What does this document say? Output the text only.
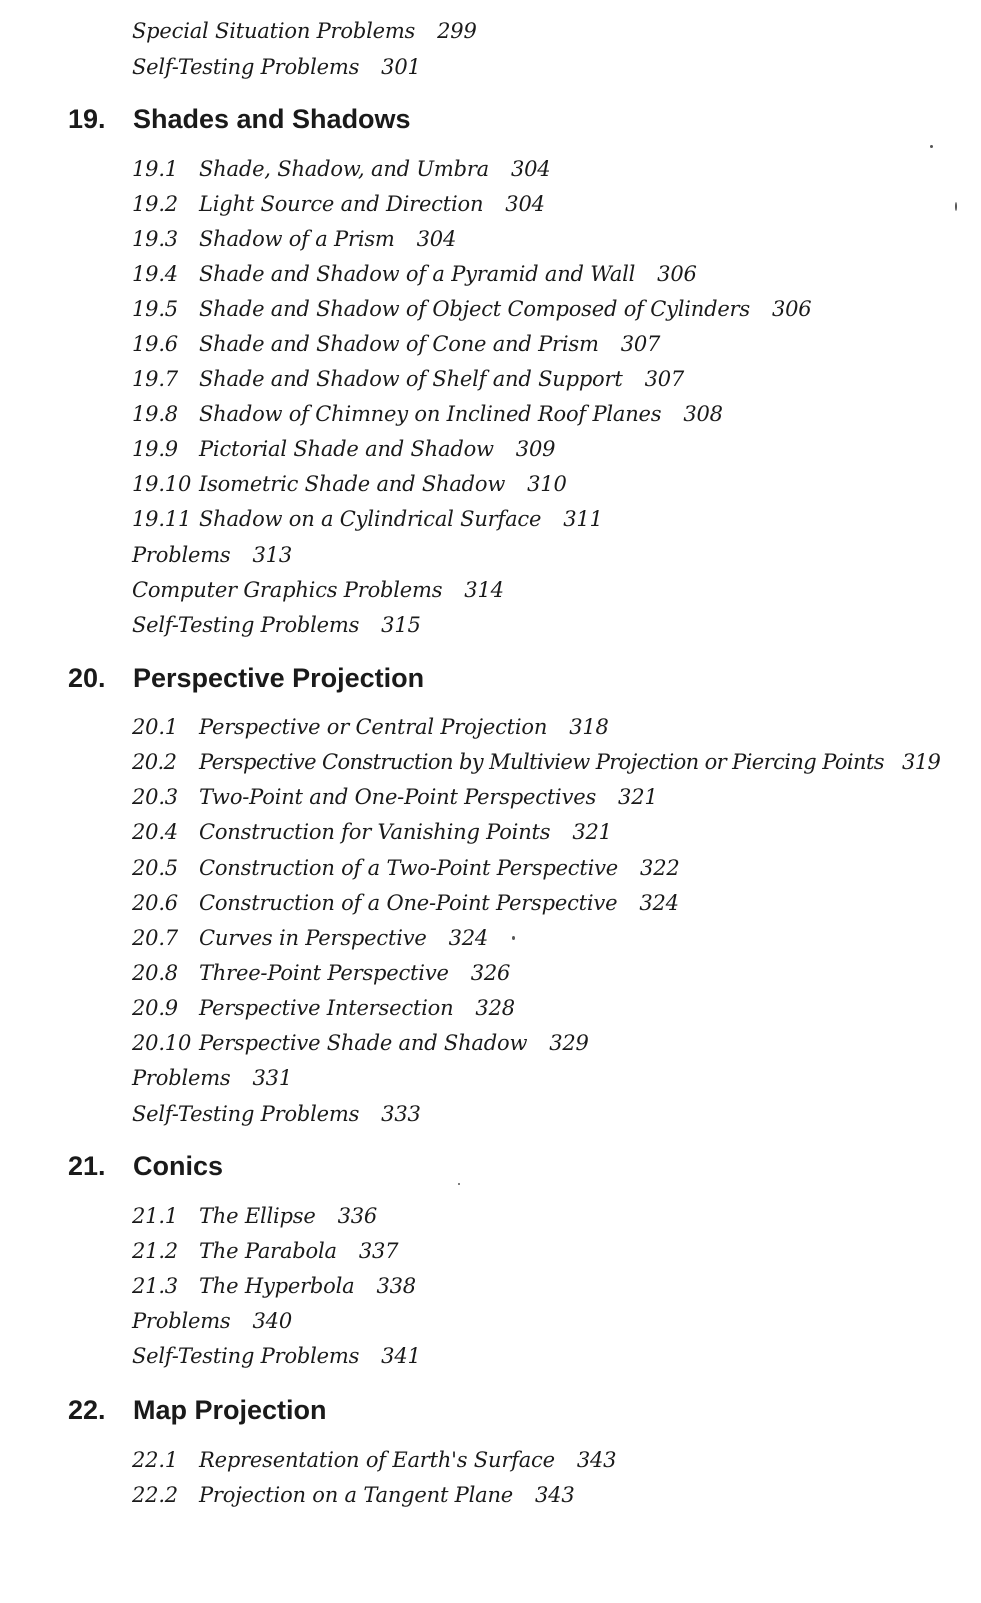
Special Situation Problems 299
Self-Testing Problems 301
19. Shades and Shadows
19.1 Shade, Shadow, and Umbra 304
19.2 Light Source and Direction 304
19.3 Shadow of a Prism 304
19.4 Shade and Shadow of a Pyramid and Wall 306
19.5 Shade and Shadow of Object Composed of Cylinders 306
19.6 Shade and Shadow of Cone and Prism 307
19.7 Shade and Shadow of Shelf and Support 307
19.8 Shadow of Chimney on Inclined Roof Planes 308
19.9 Pictorial Shade and Shadow 309
19.10 Isometric Shade and Shadow 310
19.11 Shadow on a Cylindrical Surface 311
Problems 313
Computer Graphics Problems 314
Self-Testing Problems 315
20. Perspective Projection
20.1 Perspective or Central Projection 318
20.2 Perspective Construction by Multiview Projection or Piercing Points 319
20.3 Two-Point and One-Point Perspectives 321
20.4 Construction for Vanishing Points 321
20.5 Construction of a Two-Point Perspective 322
20.6 Construction of a One-Point Perspective 324
20.7 Curves in Perspective 324
20.8 Three-Point Perspective 326
20.9 Perspective Intersection 328
20.10 Perspective Shade and Shadow 329
Problems 331
Self-Testing Problems 333
21. Conics
21.1 The Ellipse 336
21.2 The Parabola 337
21.3 The Hyperbola 338
Problems 340
Self-Testing Problems 341
22. Map Projection
22.1 Representation of Earth's Surface 343
22.2 Projection on a Tangent Plane 343
